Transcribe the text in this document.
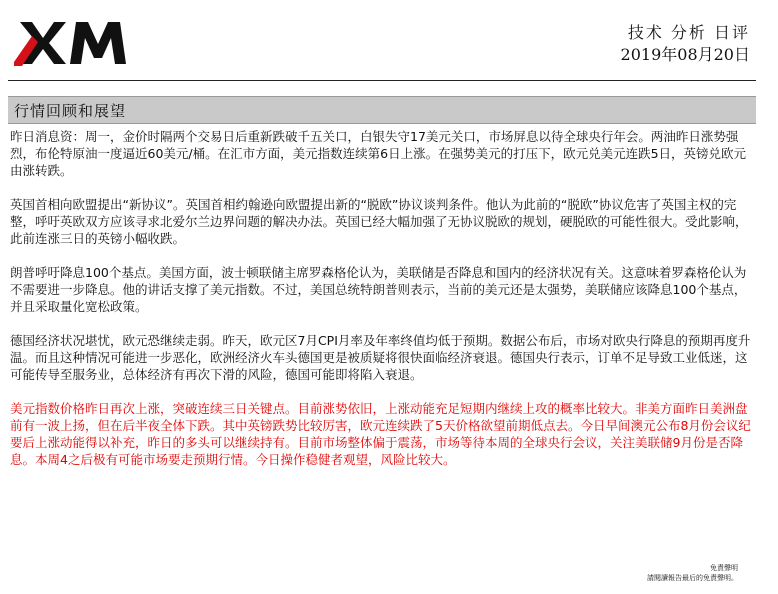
技术 分析 日评
2019年08月20日
行情回顾和展望

昨日消息资：周一，金价时隔两个交易日后重新跌破千五关口，白银失守17美元关口，市场屏息以待全球央行年会。两油昨日涨势强烈，布伦特原油一度逼近60美元/桶。在汇市方面，美元指数连续第6日上涨。在强势美元的打压下，欧元兑美元连跌5日，英镑兑欧元由涨转跌。

英国首相向欧盟提出“新协议”。英国首相约翰逊向欧盟提出新的“脱欧”协议谈判条件。他认为此前的“脱欧”协议危害了英国主权的完整，呼吁英欧双方应该寻求北爱尔兰边界问题的解决办法。英国已经大幅加强了无协议脱欧的规划，硬脱欧的可能性很大。受此影响，此前连涨三日的英镑小幅收跌。

朗普呼吁降息100个基点。美国方面，波士顿联储主席罗森格伦认为，美联储是否降息和国内的经济状况有关。这意味着罗森格伦认为不需要进一步降息。他的讲话支撑了美元指数。不过，美国总统特朗普则表示，当前的美元还是太强势，美联储应该降息100个基点，并且采取量化宽松政策。

德国经济状况堪忧，欧元恐继续走弱。昨天，欧元区7月CPI月率及年率终值均低于预期。数据公布后，市场对欧央行降息的预期再度升温。而且这种情况可能进一步恶化，欧洲经济火车头德国更是被质疑将很快面临经济衰退。德国央行表示，订单不足导致工业低迷，这可能传导至服务业，总体经济有再次下滑的风险，德国可能即将陷入衰退。

美元指数价格昨日再次上涨，突破连续三日关键点。目前涨势依旧，上涨动能充足短期内继续上攻的概率比较大。非美方面昨日美洲盘前有一波上扬，但在后半夜全体下跌。其中英镑跌势比较厉害，欧元连续跌了5天价格欲望前期低点去。今日早间澳元公布8月份会议纪要后上涨动能得以补充，昨日的多头可以继续持有。目前市场整体偏于震荡，市场等待本周的全球央行会议，关注美联储9月份是否降息。本周4之后极有可能市场要走预期行情。今日操作稳健者观望，风险比较大。

免責聲明
請閱讀報告最后的免責聲明。
